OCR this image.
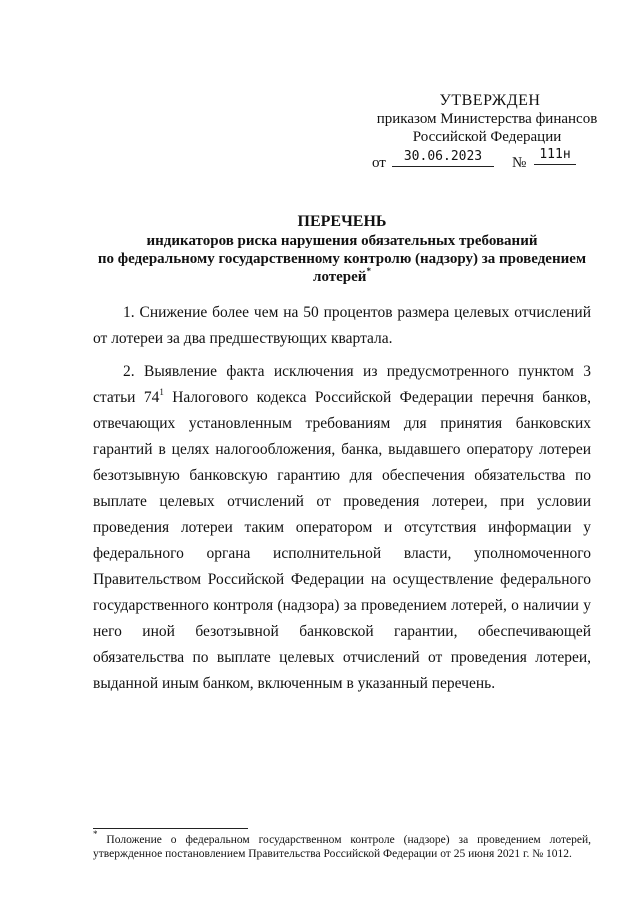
УТВЕРЖДЕН
приказом Министерства финансов
Российской Федерации
от	30.06.2023	№
111н
ПЕРЕЧЕНЬ
индикаторов риска нарушения обязательных требований
по федеральному государственному контролю (надзору) за проведением
лотерей*

1. Снижение более чем на 50 процентов размера целевых отчислений от лотереи за два предшествующих квартала.

2. Выявление факта исключения из предусмотренного пунктом 3 статьи $74^1$ Налогового кодекса Российской Федерации перечня банков, отвечающих установленным требованиям для принятия банковских гарантий в целях налогообложения, банка, выдавшего оператору лотереи безотзывную банковскую гарантию для обеспечения обязательства по выплате целевых отчислений от проведения лотереи, при условии проведения лотереи таким оператором и отсутствия информации у федерального органа исполнительной власти, уполномоченного Правительством Российской Федерации на осуществление федерального государственного контроля (надзора) за проведением лотерей, о наличии у него иной безотзывной банковской гарантии, обеспечивающей обязательства по выплате целевых отчислений от проведения лотереи, выданной иным банком, включенным в указанный перечень.

* Положение о федеральном государственном контроле (надзоре) за проведением лотерей, утвержденное постановлением Правительства Российской Федерации от 25 июня 2021 г. № 1012.
